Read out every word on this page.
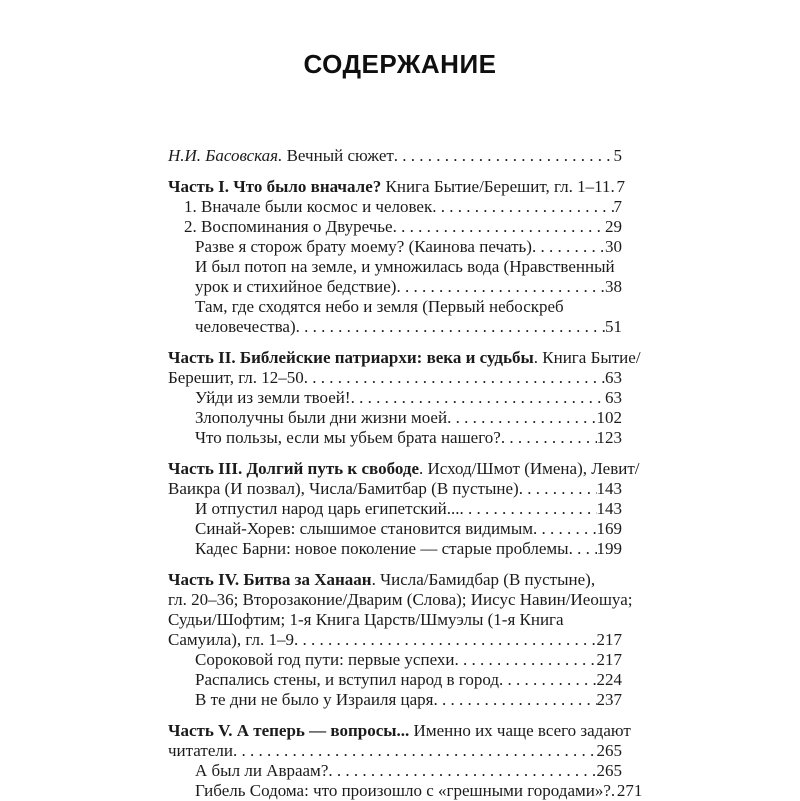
СОДЕРЖАНИЕ
Н.И. Басовская. Вечный сюжет . . .	5
Часть I. Что было вначале? Книга Бытие/Берешит, гл. 1–11 . . . 7
1. Вначале были космос и человек . . .	7
2. Воспоминания о Двуречье . . .	29
Разве я сторож брату моему? (Каинова печать) . . .	30
И был потоп на земле, и умножилась вода (Нравственный
урок и стихийное бедствие) . . .	38
Там, где сходятся небо и земля (Первый небоскреб
человечества) . . .	51
Часть II. Библейские патриархи: века и судьбы. Книга Бытие/
Берешит, гл. 12–50 . . .	63
Уйди из земли твоей! . . .	63
Злополучны были дни жизни моей . . .	102
Что пользы, если мы убьем брата нашего? . . .	123
Часть III. Долгий путь к свободе. Исход/Шмот (Имена), Левит/
Ваикра (И позвал), Числа/Бамитбар (В пустыне) . . .	143
И отпустил народ царь египетский... . . .	143
Синай-Хорев: слышимое становится видимым . . .	169
Кадес Барни: новое поколение — старые проблемы . . . 199
Часть IV. Битва за Ханаан. Числа/Бамидбар (В пустыне),
гл. 20–36; Второзаконие/Дварим (Слова); Иисус Навин/Иеошуа;
Судьи/Шофтим; 1-я Книга Царств/Шмуэлы (1-я Книга
Самуила), гл. 1–9 . . .	217
Сороковой год пути: первые успехи . . .	217
Распались стены, и вступил народ в город . . .	224
В те дни не было у Израиля царя . . .	237
Часть V. А теперь — вопросы... Именно их чаще всего задают
читатели . . .	265
А был ли Авраам? . . .	265
Гибель Содома: что произошло с «грешными городами»? . . . 271
